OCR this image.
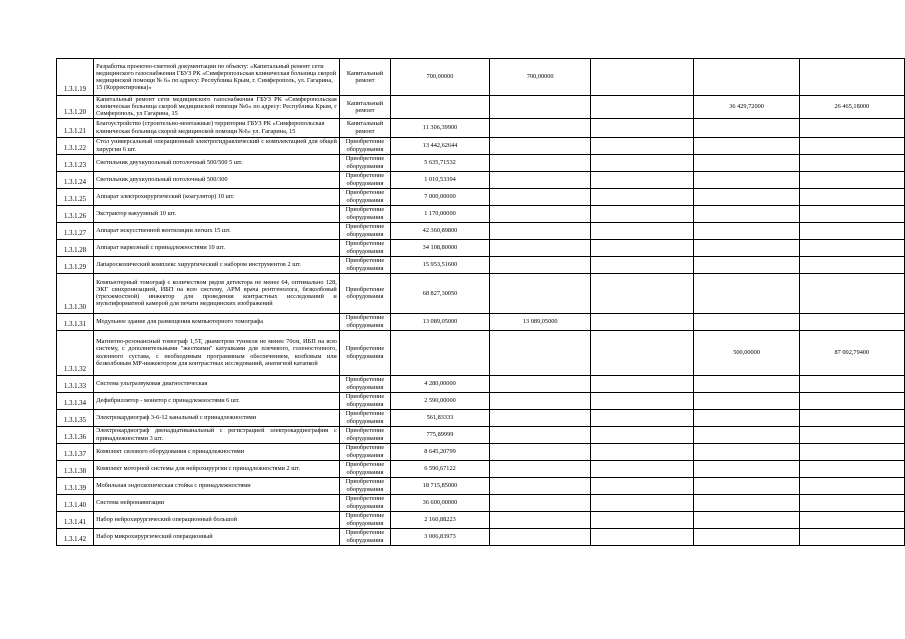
1.3.1.19	Разработка проектно-сметной документации по объекту: «Капитальный ремонт сети медицинского газоснабжения ГБУЗ РК «Симферопольская клиническая больница скорой медицинской помощи № 6» по адресу: Республика Крым, г. Симферополь, ул. Гагарина, 15 (Корректировка)»	Капитальный ремонт	700,00000	700,00000			
1.3.1.20	Капитальный ремонт сети медицинского газоснабжения ГБУЗ РК «Симферопольская клиническая больница скорой медицинской помощи №6» по адресу: Республика Крым, г Симферополь, ул Гагарина, 15	Капитальный ремонт				36 429,72000	26 465,18000
1.3.1.21	Благоустройство (строительно-монтажные) территории ГБУЗ РК «Симферопольская клиническая больница скорой медицинской помощи №6» ул. Гагарина, 15	Капитальный ремонт	11 306,39900				
1.3.1.22	Стол универсальный операционный электрогидравлический с комплектацией для общей хирургии 6 шт.	Приобретение оборудования	13 442,62644				
1.3.1.23	Светильник двухкупольный потолочный 500/500 5 шт.	Приобретение оборудования	5 635,71532				
1.3.1.24	Светильник двухкупольный потолочный 500/300	Приобретение оборудования	1 010,53394				
1.3.1.25	Аппарат электрохирургический (коагулятор) 10 шт.	Приобретение оборудования	7 000,00000				
1.3.1.26	Экстрактор вакуумный 10 шт.	Приобретение оборудования	1 170,00000				
1.3.1.27	Аппарат искусственной вентиляции легких 15 шт.	Приобретение оборудования	42 360,89800				
1.3.1.28	Аппарат наркозный с принадлежностями 10 шт.	Приобретение оборудования	34 108,80000				
1.3.1.29	Лапароскопический комплекс хирургический с набором инструментов 2 шт.	Приобретение оборудования	15 953,51600				
1.3.1.30	Компьютерный томограф с количеством рядов детектора не менее 64, оптимально 128, ЭКГ синхронизацией, ИБП на всю систему, АРМ врача рентгенолога, безколбовый (трехжмостной) инжектор для проведения контрастных исследований и мультиформатной камерой для печати медицинских изображений	Приобретение оборудования	68 827,30050				
1.3.1.31	Модульное здание для размещения компьютерного томографа	Приобретение оборудования	13 089,05000	13 089,05000			
1.3.1.32	Магнитно-резонансный томограф 1,5Т, диаметром туннеля не менее 70см, ИБП на всю систему, с дополнительными "жесткими" катушками для плечевого, голеностопного, коленного сустава, с необходимым программным обеспечением, колбовым или безколбовым МР-инжектором для контрастных исследований, анатигной катапкой	Приобретение оборудования				500,00000	87 002,79400
1.3.1.33	Система ультразвуковая диагностическая	Приобретение оборудования	4 280,00000				
1.3.1.34	Дефибриллятор - монитор с принадлежностями 6 шт.	Приобретение оборудования	2 590,00000				
1.3.1.35	Электрокардиограф 3-6-12 канальный с принадлежностями	Приобретение оборудования	561,83333				
1.3.1.36	Электрокардиограф двенадцатиканальный с регистрацией электрокардиографии с принадлежностями 3 шт.	Приобретение оборудования	775,89999				
1.3.1.37	Комплект силового оборудования с принадлежностями	Приобретение оборудования	8 645,20799				
1.3.1.38	Комплект моторной системы для нейрохирургии с принадлежностями 2 шт.	Приобретение оборудования	6 590,67122				
1.3.1.39	Мобильная эндоскопическая стойка с принадлежностями	Приобретение оборудования	18 715,85000				
1.3.1.40	Система нейронавигации	Приобретение оборудования	36 600,00000				
1.3.1.41	Набор нейрохирургический операционный большой	Приобретение оборудования	2 160,88223				
1.3.1.42	Набор микрохирургический операционный	Приобретение оборудования	3 006,83973				
